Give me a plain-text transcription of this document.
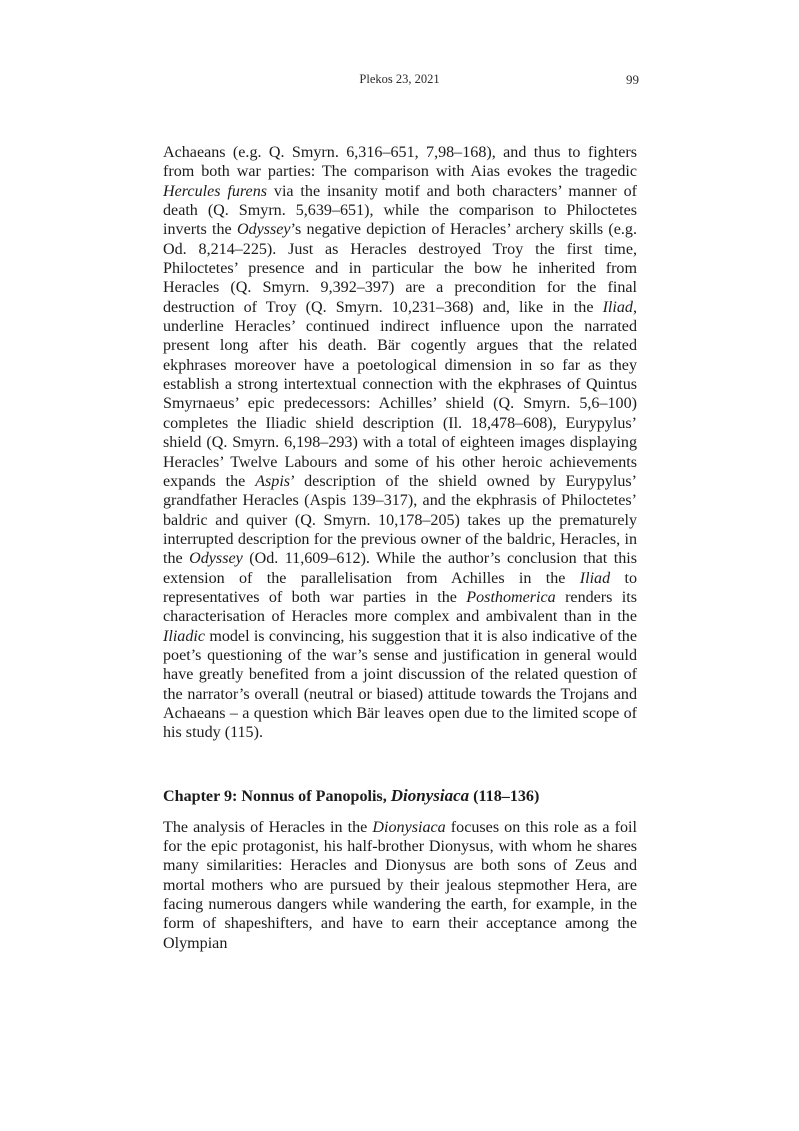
Plekos 23, 2021	99

Achaeans (e.g. Q. Smyrn. 6,316–651, 7,98–168), and thus to fighters from both war parties: The comparison with Aias evokes the tragedic Hercules furens via the insanity motif and both characters’ manner of death (Q. Smyrn. 5,639–651), while the comparison to Philoctetes inverts the Odyssey’s negative depiction of Heracles’ archery skills (e.g. Od. 8,214–225). Just as Heracles destroyed Troy the first time, Philoctetes’ presence and in particular the bow he inherited from Heracles (Q. Smyrn. 9,392–397) are a precondition for the final destruction of Troy (Q. Smyrn. 10,231–368) and, like in the Iliad, underline Heracles’ continued indirect influence upon the narrated present long after his death. Bär cogently argues that the related ekphrases moreover have a poetological dimension in so far as they establish a strong intertextual connection with the ekphrases of Quintus Smyrnaeus’ epic predecessors: Achilles’ shield (Q. Smyrn. 5,6–100) completes the Iliadic shield description (Il. 18,478–608), Eurypylus’ shield (Q. Smyrn. 6,198–293) with a total of eighteen images displaying Heracles’ Twelve Labours and some of his other heroic achievements expands the Aspis’ description of the shield owned by Eurypylus’ grandfather Heracles (Aspis 139–317), and the ekphrasis of Philoctetes’ baldric and quiver (Q. Smyrn. 10,178–205) takes up the prematurely interrupted description for the previous owner of the baldric, Heracles, in the Odyssey (Od. 11,609–612). While the author’s conclusion that this extension of the parallelisation from Achilles in the Iliad to representatives of both war parties in the Posthomerica renders its characterisation of Heracles more complex and ambivalent than in the Iliadic model is convincing, his suggestion that it is also indicative of the poet’s questioning of the war’s sense and justification in general would have greatly benefited from a joint discussion of the related question of the narrator’s overall (neutral or biased) attitude towards the Trojans and Achaeans – a question which Bär leaves open due to the limited scope of his study (115).

Chapter 9: Nonnus of Panopolis, Dionysiaca (118–136)

The analysis of Heracles in the Dionysiaca focuses on this role as a foil for the epic protagonist, his half-brother Dionysus, with whom he shares many similarities: Heracles and Dionysus are both sons of Zeus and mortal mothers who are pursued by their jealous stepmother Hera, are facing numerous dangers while wandering the earth, for example, in the form of shapeshifters, and have to earn their acceptance among the Olympian
